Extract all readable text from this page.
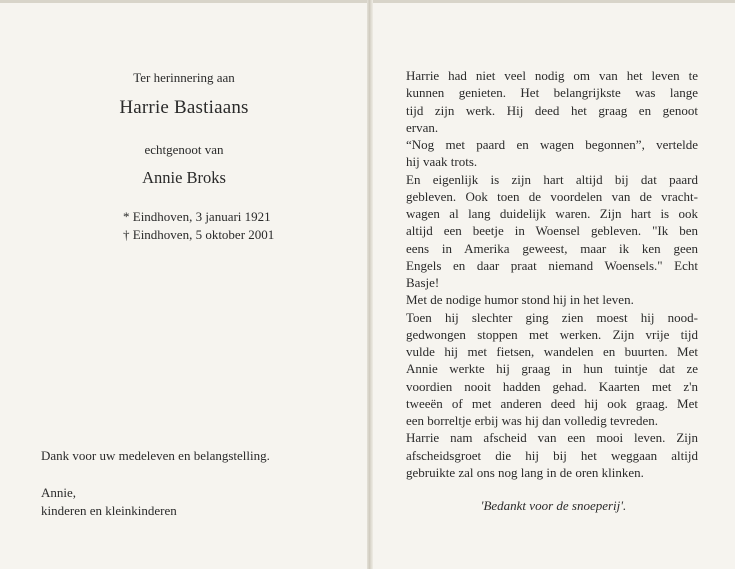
Ter herinnering aan
Harrie Bastiaans
echtgenoot van
Annie Broks
* Eindhoven, 3 januari 1921
† Eindhoven, 5 oktober 2001
Dank voor uw medeleven en belangstelling.
Annie,
kinderen en kleinkinderen
Harrie had niet veel nodig om van het leven te
kunnen genieten. Het belangrijkste was lange
tijd zijn werk. Hij deed het graag en genoot
ervan.
“Nog met paard en wagen begonnen”, vertelde
hij vaak trots.
En eigenlijk is zijn hart altijd bij dat paard
gebleven. Ook toen de voordelen van de vracht-
wagen al lang duidelijk waren. Zijn hart is ook
altijd een beetje in Woensel gebleven. "Ik ben
eens in Amerika geweest, maar ik ken geen
Engels en daar praat niemand Woensels." Echt
Basje!
Met de nodige humor stond hij in het leven.
Toen hij slechter ging zien moest hij nood-
gedwongen stoppen met werken. Zijn vrije tijd
vulde hij met fietsen, wandelen en buurten. Met
Annie werkte hij graag in hun tuintje dat ze
voordien nooit hadden gehad. Kaarten met z'n
tweeën of met anderen deed hij ook graag. Met
een borreltje erbij was hij dan volledig tevreden.
Harrie nam afscheid van een mooi leven. Zijn
afscheidsgroet die hij bij het weggaan altijd
gebruikte zal ons nog lang in de oren klinken.
'Bedankt voor de snoeperij'.
